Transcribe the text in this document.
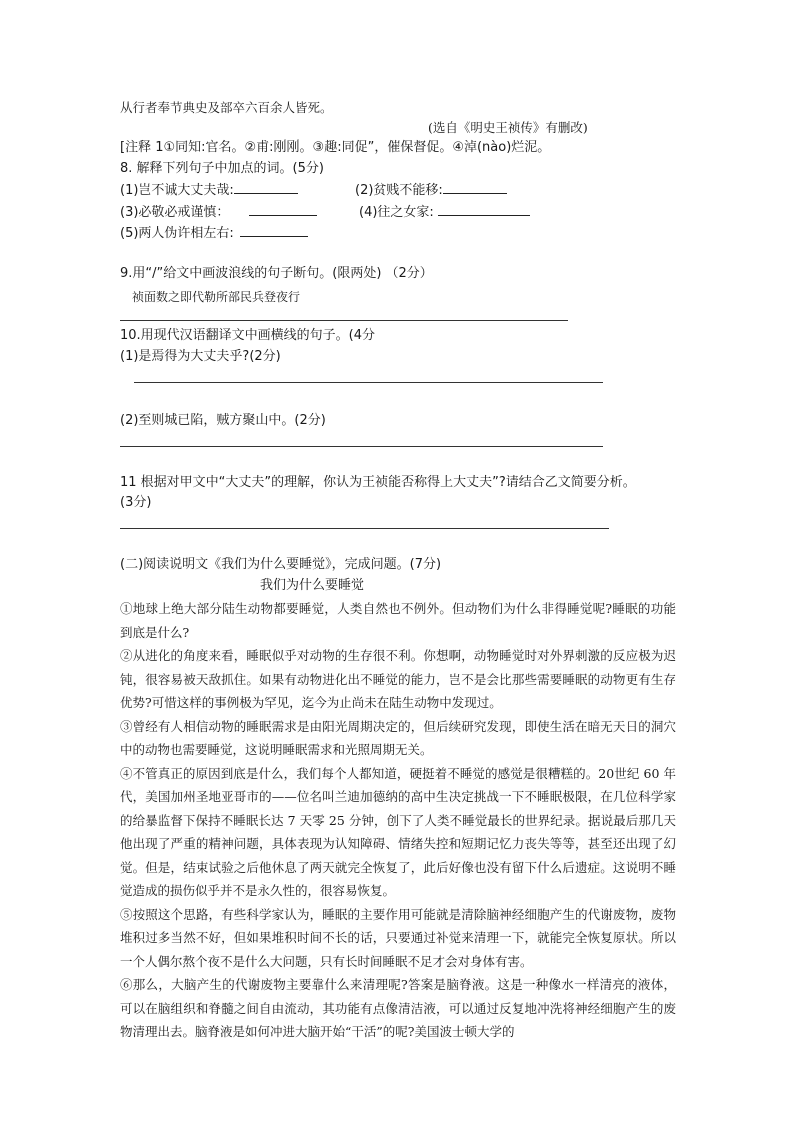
从行者奉节典史及部卒六百余人皆死。
(选自《明史王祯传》有删改)
[注释 1①同知:官名。②甫:刚刚。③趣:同促”，催保督促。④淖(nào)烂泥。
8. 解释下列句子中加点的词。(5分)
(1)岂不诚大丈夫哉:	(2)贫贱不能移:
(3)必敬必戒谨慎：	(4)往之女家:
(5)两人伪许相左右:
9.用“/”给文中画波浪线的句子断句。(限两处) （2分）
祯面数之即代勒所部民兵登夜行
10.用现代汉语翻译文中画横线的句子。(4分
(1)是焉得为大丈夫乎?(2分)
(2)至则城已陷，贼方聚山中。(2分)
11 根据对甲文中“大丈夫”的理解，你认为王祯能否称得上大丈夫”?请结合乙文简要分析。
(3分)
(二)阅读说明文《我们为什么要睡觉》，完成问题。(7分)
我们为什么要睡觉

①地球上绝大部分陆生动物都要睡觉，人类自然也不例外。但动物们为什么非得睡觉呢?睡眠的功能到底是什么?

②从进化的角度来看，睡眠似乎对动物的生存很不利。你想啊，动物睡觉时对外界刺激的反应极为迟钝，很容易被天敌抓住。如果有动物进化出不睡觉的能力，岂不是会比那些需要睡眠的动物更有生存优势?可惜这样的事例极为罕见，迄今为止尚未在陆生动物中发现过。

③曾经有人相信动物的睡眠需求是由阳光周期决定的，但后续研究发现，即使生活在暗无天日的洞穴中的动物也需要睡觉，这说明睡眠需求和光照周期无关。

④不管真正的原因到底是什么，我们每个人都知道，硬挺着不睡觉的感觉是很糟糕的。20世纪 60 年代，美国加州圣地亚哥市的——位名叫兰迪加德纳的高中生决定挑战一下不睡眠极限，在几位科学家的给暴监督下保持不睡眠长达 7 天零 25 分钟，创下了人类不睡觉最长的世界纪录。据说最后那几天他出现了严重的精神问题，具体表现为认知障碍、情绪失控和短期记忆力丧失等等，甚至还出现了幻觉。但是，结束试验之后他休息了两天就完全恢复了，此后好像也没有留下什么后遗症。这说明不睡觉造成的损伤似乎并不是永久性的，很容易恢复。

⑤按照这个思路，有些科学家认为，睡眠的主要作用可能就是清除脑神经细胞产生的代谢废物，废物堆积过多当然不好，但如果堆积时间不长的话，只要通过补觉来清理一下，就能完全恢复原状。所以一个人偶尔熬个夜不是什么大问题，只有长时间睡眠不足才会对身体有害。

⑥那么，大脑产生的代谢废物主要靠什么来清理呢?答案是脑脊液。这是一种像水一样清亮的液体，可以在脑组织和脊髓之间自由流动，其功能有点像清洁液，可以通过反复地冲洗将神经细胞产生的废物清理出去。脑脊液是如何冲进大脑开始“干活”的呢?美国波士顿大学的
